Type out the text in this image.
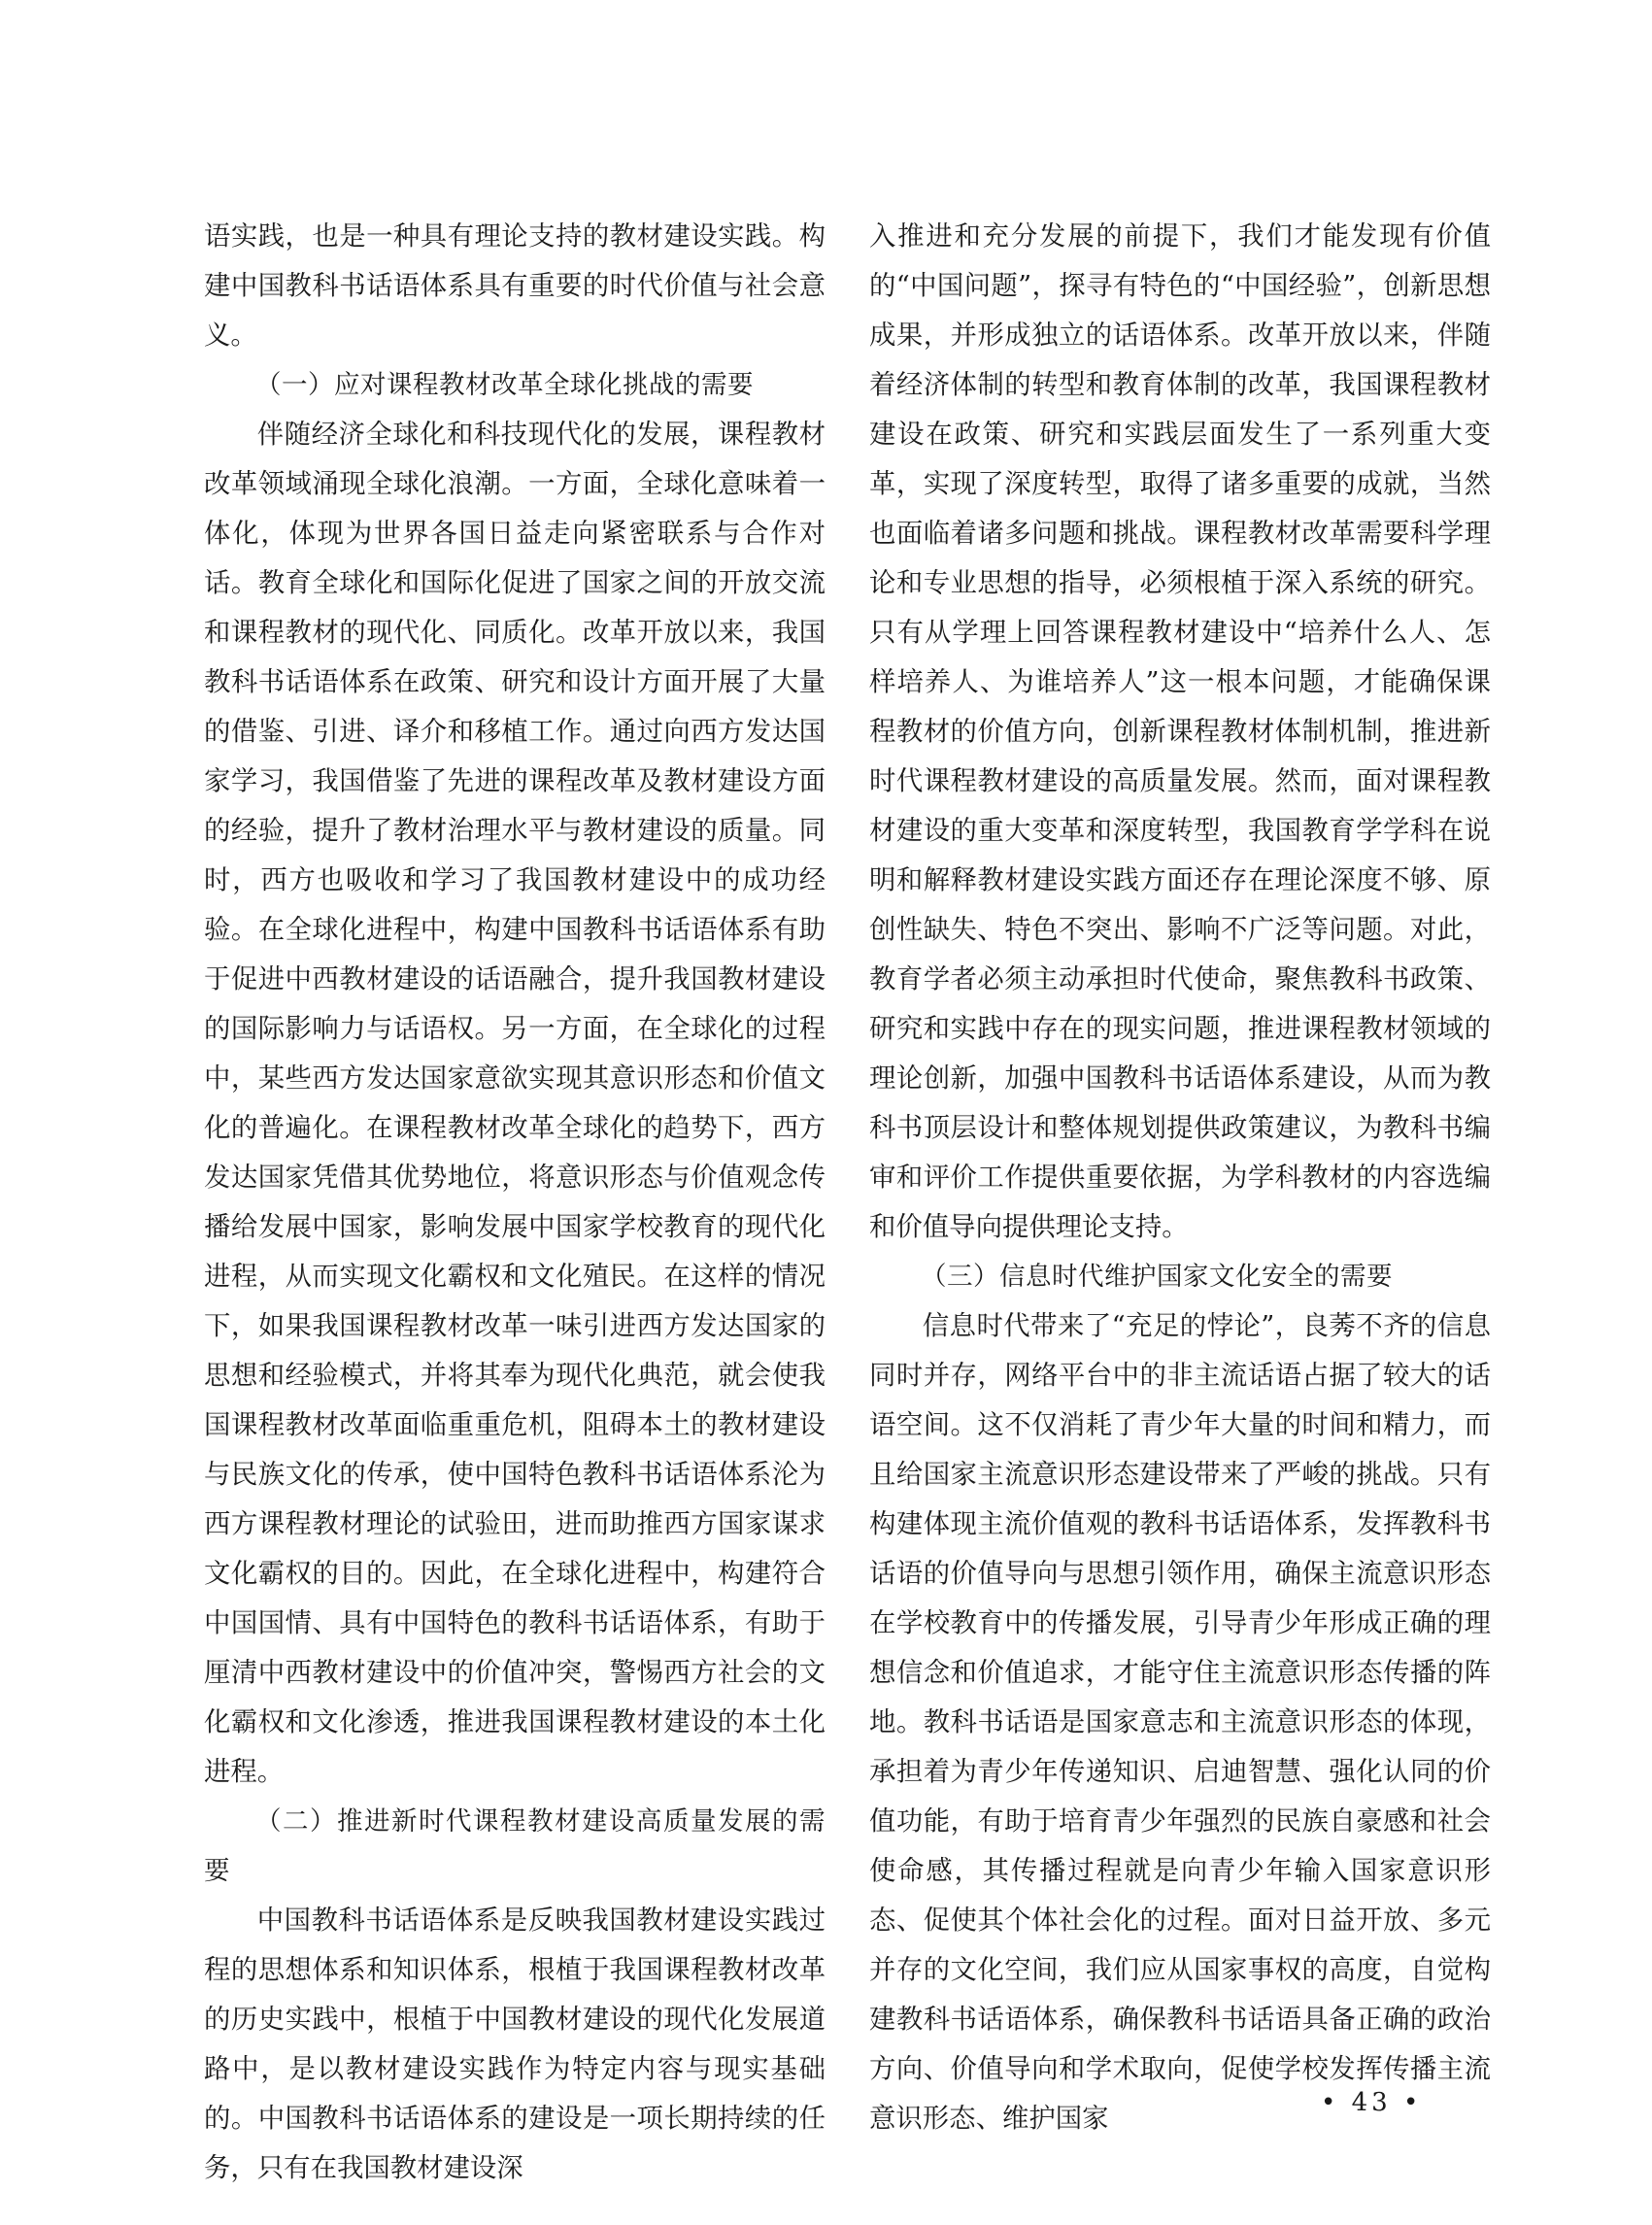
语实践，也是一种具有理论支持的教材建设实践。构建中国教科书话语体系具有重要的时代价值与社会意义。

（一）应对课程教材改革全球化挑战的需要

伴随经济全球化和科技现代化的发展，课程教材改革领域涌现全球化浪潮。一方面，全球化意味着一体化，体现为世界各国日益走向紧密联系与合作对话。教育全球化和国际化促进了国家之间的开放交流和课程教材的现代化、同质化。改革开放以来，我国教科书话语体系在政策、研究和设计方面开展了大量的借鉴、引进、译介和移植工作。通过向西方发达国家学习，我国借鉴了先进的课程改革及教材建设方面的经验，提升了教材治理水平与教材建设的质量。同时，西方也吸收和学习了我国教材建设中的成功经验。在全球化进程中，构建中国教科书话语体系有助于促进中西教材建设的话语融合，提升我国教材建设的国际影响力与话语权。另一方面，在全球化的过程中，某些西方发达国家意欲实现其意识形态和价值文化的普遍化。在课程教材改革全球化的趋势下，西方发达国家凭借其优势地位，将意识形态与价值观念传播给发展中国家，影响发展中国家学校教育的现代化进程，从而实现文化霸权和文化殖民。在这样的情况下，如果我国课程教材改革一味引进西方发达国家的思想和经验模式，并将其奉为现代化典范，就会使我国课程教材改革面临重重危机，阻碍本土的教材建设与民族文化的传承，使中国特色教科书话语体系沦为西方课程教材理论的试验田，进而助推西方国家谋求文化霸权的目的。因此，在全球化进程中，构建符合中国国情、具有中国特色的教科书话语体系，有助于厘清中西教材建设中的价值冲突，警惕西方社会的文化霸权和文化渗透，推进我国课程教材建设的本土化进程。

（二）推进新时代课程教材建设高质量发展的需要

中国教科书话语体系是反映我国教材建设实践过程的思想体系和知识体系，根植于我国课程教材改革的历史实践中，根植于中国教材建设的现代化发展道路中，是以教材建设实践作为特定内容与现实基础的。中国教科书话语体系的建设是一项长期持续的任务，只有在我国教材建设深

入推进和充分发展的前提下，我们才能发现有价值的“中国问题”，探寻有特色的“中国经验”，创新思想成果，并形成独立的话语体系。改革开放以来，伴随着经济体制的转型和教育体制的改革，我国课程教材建设在政策、研究和实践层面发生了一系列重大变革，实现了深度转型，取得了诸多重要的成就，当然也面临着诸多问题和挑战。课程教材改革需要科学理论和专业思想的指导，必须根植于深入系统的研究。只有从学理上回答课程教材建设中“培养什么人、怎样培养人、为谁培养人”这一根本问题，才能确保课程教材的价值方向，创新课程教材体制机制，推进新时代课程教材建设的高质量发展。然而，面对课程教材建设的重大变革和深度转型，我国教育学学科在说明和解释教材建设实践方面还存在理论深度不够、原创性缺失、特色不突出、影响不广泛等问题。对此，教育学者必须主动承担时代使命，聚焦教科书政策、研究和实践中存在的现实问题，推进课程教材领域的理论创新，加强中国教科书话语体系建设，从而为教科书顶层设计和整体规划提供政策建议，为教科书编审和评价工作提供重要依据，为学科教材的内容选编和价值导向提供理论支持。

（三）信息时代维护国家文化安全的需要

信息时代带来了“充足的悖论”，良莠不齐的信息同时并存，网络平台中的非主流话语占据了较大的话语空间。这不仅消耗了青少年大量的时间和精力，而且给国家主流意识形态建设带来了严峻的挑战。只有构建体现主流价值观的教科书话语体系，发挥教科书话语的价值导向与思想引领作用，确保主流意识形态在学校教育中的传播发展，引导青少年形成正确的理想信念和价值追求，才能守住主流意识形态传播的阵地。教科书话语是国家意志和主流意识形态的体现，承担着为青少年传递知识、启迪智慧、强化认同的价值功能，有助于培育青少年强烈的民族自豪感和社会使命感，其传播过程就是向青少年输入国家意识形态、促使其个体社会化的过程。面对日益开放、多元并存的文化空间，我们应从国家事权的高度，自觉构建教科书话语体系，确保教科书话语具备正确的政治方向、价值导向和学术取向，促使学校发挥传播主流意识形态、维护国家

• 43 •
